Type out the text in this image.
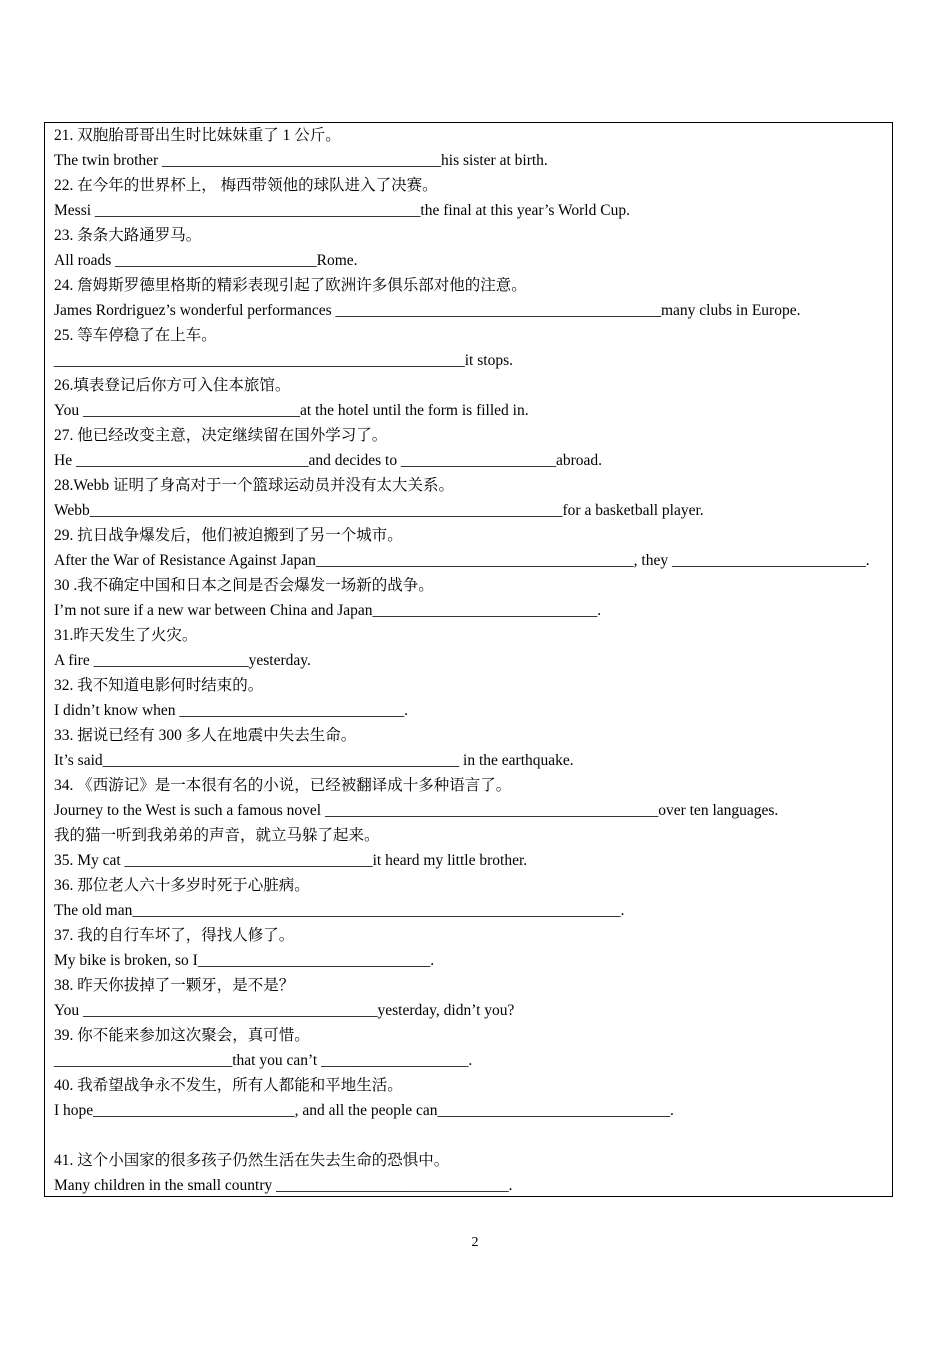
21. 双胞胎哥哥出生时比妹妹重了 1 公斤。
The twin brother ____________________________________his sister at birth.
22. 在今年的世界杯上， 梅西带领他的球队进入了决赛。
Messi __________________________________________the final at this year’s World Cup.
23. 条条大路通罗马。
All roads __________________________Rome.
24. 詹姆斯罗德里格斯的精彩表现引起了欧洲许多俱乐部对他的注意。
James Rordriguez’s wonderful performances __________________________________________many clubs in Europe.
25. 等车停稳了在上车。
_____________________________________________________it stops.
26.填表登记后你方可入住本旅馆。
You ____________________________at the hotel until the form is filled in.
27. 他已经改变主意，决定继续留在国外学习了。
He ______________________________and decides to ____________________abroad.
28.Webb 证明了身高对于一个篮球运动员并没有太大关系。
Webb_____________________________________________________________for a basketball player.
29. 抗日战争爆发后，他们被迫搬到了另一个城市。
After the War of Resistance Against Japan_________________________________________, they _________________________.
30 .我不确定中国和日本之间是否会爆发一场新的战争。
I’m not sure if a new war between China and Japan_____________________________.
31.昨天发生了火灾。
A fire ____________________yesterday.
32. 我不知道电影何时结束的。
I didn’t know when _____________________________.
33. 据说已经有 300 多人在地震中失去生命。
It’s said______________________________________________ in the earthquake.
34. 《西游记》是一本很有名的小说，已经被翻译成十多种语言了。
Journey to the West is such a famous novel ___________________________________________over ten languages.
我的猫一听到我弟弟的声音，就立马躲了起来。
35. My cat ________________________________it heard my little brother.
36. 那位老人六十多岁时死于心脏病。
The old man_______________________________________________________________.
37. 我的自行车坏了，得找人修了。
My bike is broken, so I______________________________.
38. 昨天你拔掉了一颗牙，是不是？
You ______________________________________yesterday, didn’t you?
39. 你不能来参加这次聚会，真可惜。
_______________________that you can’t ___________________.
40. 我希望战争永不发生，所有人都能和平地生活。
I hope__________________________, and all the people can______________________________.
41. 这个小国家的很多孩子仍然生活在失去生命的恐惧中。
Many children in the small country ______________________________.
2
